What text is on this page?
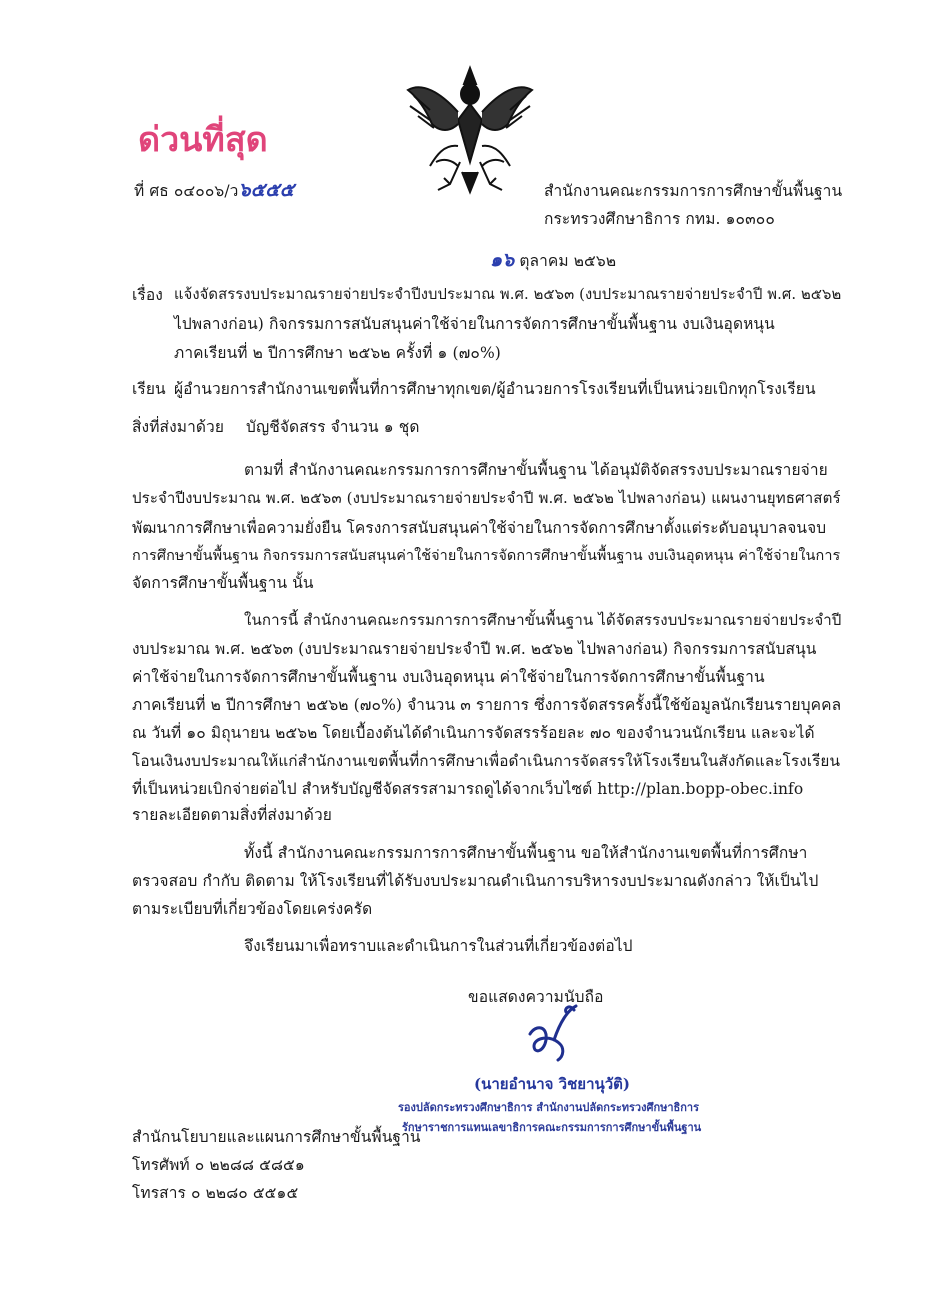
ด่วนที่สุด
ที่ ศธ ๐๔๐๐๖/ว๖๕๕๕	สำนักงานคณะกรรมการการศึกษาขั้นพื้นฐาน
กระทรวงศึกษาธิการ กทม. ๑๐๓๐๐
๑๖ ตุลาคม ๒๕๖๒
เรื่อง แจ้งจัดสรรงบประมาณรายจ่ายประจำปีงบประมาณ พ.ศ. ๒๕๖๓ (งบประมาณรายจ่ายประจำปี พ.ศ. ๒๕๖๒
ไปพลางก่อน) กิจกรรมการสนับสนุนค่าใช้จ่ายในการจัดการศึกษาขั้นพื้นฐาน งบเงินอุดหนุน
ภาคเรียนที่ ๒ ปีการศึกษา ๒๕๖๒ ครั้งที่ ๑ (๗๐%)
เรียน ผู้อำนวยการสำนักงานเขตพื้นที่การศึกษาทุกเขต/ผู้อำนวยการโรงเรียนที่เป็นหน่วยเบิกทุกโรงเรียน
สิ่งที่ส่งมาด้วย บัญชีจัดสรร จำนวน ๑ ชุด
ตามที่ สำนักงานคณะกรรมการการศึกษาขั้นพื้นฐาน ได้อนุมัติจัดสรรงบประมาณรายจ่าย
ประจำปีงบประมาณ พ.ศ. ๒๕๖๓ (งบประมาณรายจ่ายประจำปี พ.ศ. ๒๕๖๒ ไปพลางก่อน) แผนงานยุทธศาสตร์
พัฒนาการศึกษาเพื่อความยั่งยืน โครงการสนับสนุนค่าใช้จ่ายในการจัดการศึกษาตั้งแต่ระดับอนุบาลจนจบ
การศึกษาขั้นพื้นฐาน กิจกรรมการสนับสนุนค่าใช้จ่ายในการจัดการศึกษาขั้นพื้นฐาน งบเงินอุดหนุน ค่าใช้จ่ายในการ
จัดการศึกษาขั้นพื้นฐาน นั้น
ในการนี้ สำนักงานคณะกรรมการการศึกษาขั้นพื้นฐาน ได้จัดสรรงบประมาณรายจ่ายประจำปี
งบประมาณ พ.ศ. ๒๕๖๓ (งบประมาณรายจ่ายประจำปี พ.ศ. ๒๕๖๒ ไปพลางก่อน) กิจกรรมการสนับสนุน
ค่าใช้จ่ายในการจัดการศึกษาขั้นพื้นฐาน งบเงินอุดหนุน ค่าใช้จ่ายในการจัดการศึกษาขั้นพื้นฐาน
ภาคเรียนที่ ๒ ปีการศึกษา ๒๕๖๒ (๗๐%) จำนวน ๓ รายการ ซึ่งการจัดสรรครั้งนี้ใช้ข้อมูลนักเรียนรายบุคคล
ณ วันที่ ๑๐ มิถุนายน ๒๕๖๒ โดยเบื้องต้นได้ดำเนินการจัดสรรร้อยละ ๗๐ ของจำนวนนักเรียน และจะได้
โอนเงินงบประมาณให้แก่สำนักงานเขตพื้นที่การศึกษาเพื่อดำเนินการจัดสรรให้โรงเรียนในสังกัดและโรงเรียน
ที่เป็นหน่วยเบิกจ่ายต่อไป สำหรับบัญชีจัดสรรสามารถดูได้จากเว็บไซต์ http://plan.bopp-obec.info
รายละเอียดตามสิ่งที่ส่งมาด้วย
ทั้งนี้ สำนักงานคณะกรรมการการศึกษาขั้นพื้นฐาน ขอให้สำนักงานเขตพื้นที่การศึกษา
ตรวจสอบ กำกับ ติดตาม ให้โรงเรียนที่ได้รับงบประมาณดำเนินการบริหารงบประมาณดังกล่าว ให้เป็นไป
ตามระเบียบที่เกี่ยวข้องโดยเคร่งครัด
จึงเรียนมาเพื่อทราบและดำเนินการในส่วนที่เกี่ยวข้องต่อไป
ขอแสดงความนับถือ
(นายอำนาจ วิชยานุวัติ)
รองปลัดกระทรวงศึกษาธิการ สำนักงานปลัดกระทรวงศึกษาธิการ
รักษาราชการแทนเลขาธิการคณะกรรมการการศึกษาขั้นพื้นฐาน
สำนักนโยบายและแผนการศึกษาขั้นพื้นฐาน
โทรศัพท์ ๐ ๒๒๘๘ ๕๘๕๑
โทรสาร ๐ ๒๒๘๐ ๕๕๑๕
